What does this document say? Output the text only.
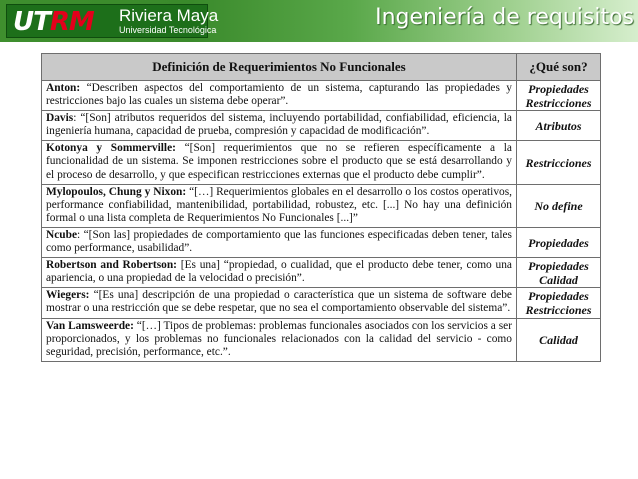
UTRM	Riviera Maya
Universidad Tecnológica	Ingeniería de requisitos
Definición de Requerimientos No Funcionales	¿Qué son?
Anton: “Describen aspectos del comportamiento de un sistema, capturando las propiedades y restricciones bajo las cuales un sistema debe operar”.	Propiedades
Restricciones

Davis: “[Son] atributos requeridos del sistema, incluyendo portabilidad, confiabilidad, eficiencia, la ingeniería humana, capacidad de prueba, compresión y capacidad de modificación”.	Atributos

Kotonya y Sommerville: “[Son] requerimientos que no se refieren específicamente a la funcionalidad de un sistema. Se imponen restricciones sobre el producto que se está desarrollando y el proceso de desarrollo, y que especifican restricciones externas que el producto debe cumplir”.	Restricciones

Mylopoulos, Chung y Nixon: “[…] Requerimientos globales en el desarrollo o los costos operativos, performance confiabilidad, mantenibilidad, portabilidad, robustez, etc. [...] No hay una definición formal o una lista completa de Requerimientos No Funcionales [...]”	No define

Ncube: “[Son las] propiedades de comportamiento que las funciones especificadas deben tener, tales como performance, usabilidad”.	Propiedades

Robertson and Robertson: [Es una] “propiedad, o cualidad, que el producto debe tener, como una apariencia, o una propiedad de la velocidad o precisión”.	Propiedades
Calidad

Wiegers: “[Es una] descripción de una propiedad o característica que un sistema de software debe mostrar o una restricción que se debe respetar, que no sea el comportamiento observable del sistema”.	Propiedades
Restricciones

Van Lamsweerde: “[…] Tipos de problemas: problemas funcionales asociados con los servicios a ser proporcionados, y los problemas no funcionales relacionados con la calidad del servicio - como seguridad, precisión, performance, etc.”.	Calidad
